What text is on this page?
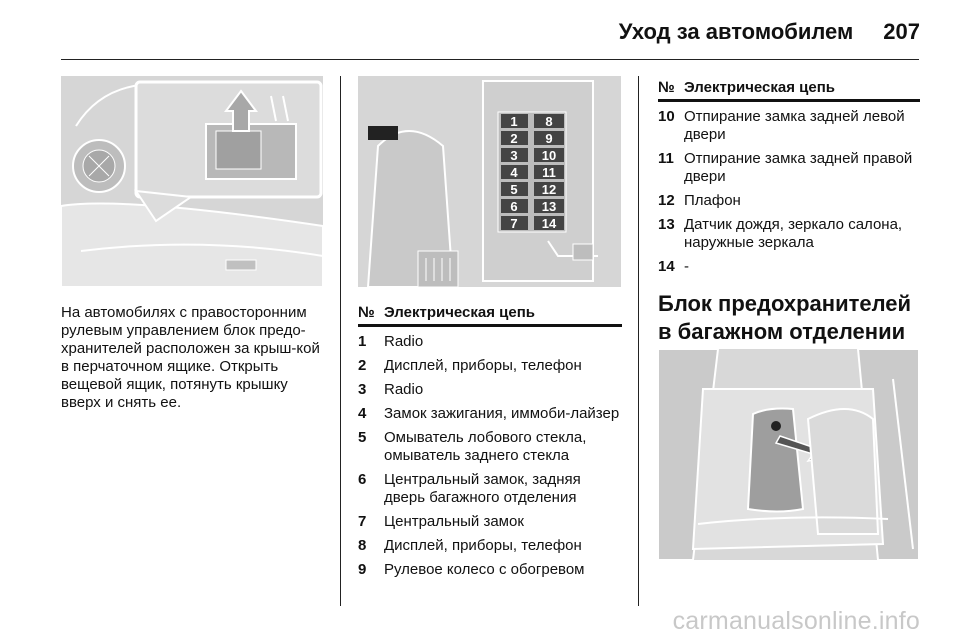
Уход за автомобилем 207

На автомобилях с правосторонним рулевым управлением блок предо-хранителей расположен за крыш-кой в перчаточном ящике. Открыть вещевой ящик, потянуть крышку вверх и снять ее.

1 8
2 9
3 10
4 11
5 12
6 13
7 14
№ Электрическая цепь
1	Radio
2	Дисплей, приборы, телефон
3	Radio
4	Замок зажигания, иммоби-лайзер
5	Омыватель лобового стекла, омыватель заднего стекла
6	Центральный замок, задняя дверь багажного отделения
7	Центральный замок
8	Дисплей, приборы, телефон
9	Рулевое колесо с обогревом
№ Электрическая цепь
10 Отпирание замка задней левой двери
11 Отпирание замка задней правой двери
12 Плафон
13 Датчик дождя, зеркало салона, наружные зеркала
14 -
Блок предохранителей в багажном отделении
carmanualsonline.info
